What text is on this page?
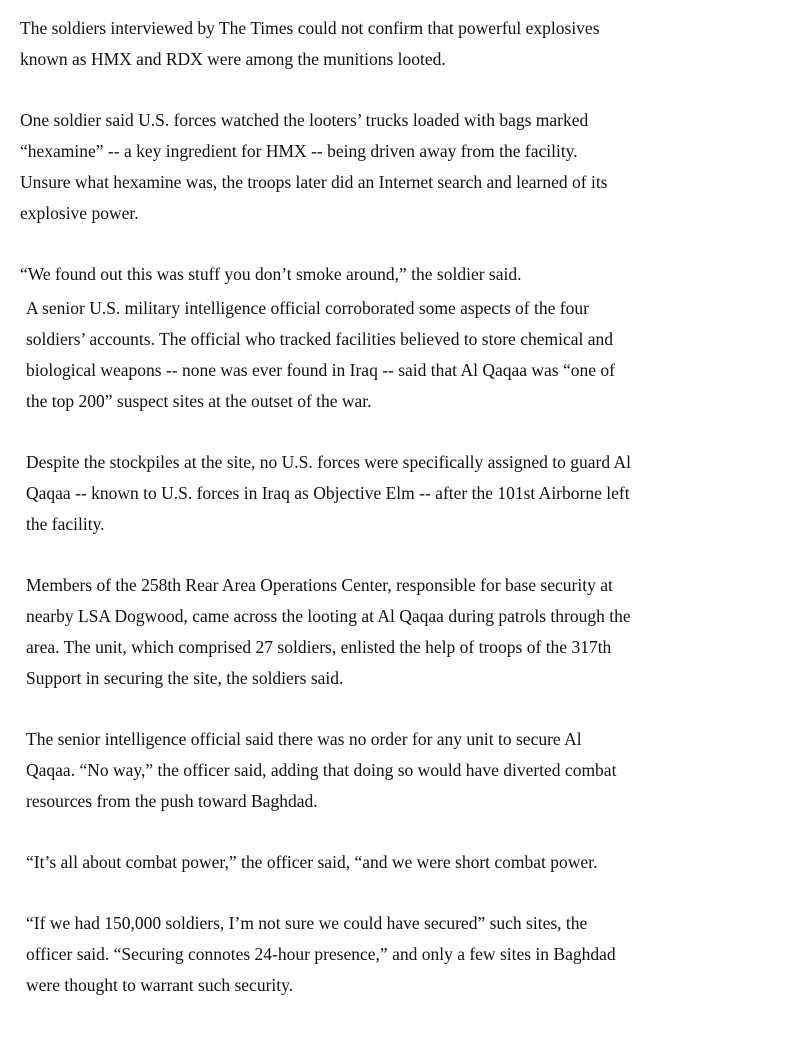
The soldiers interviewed by The Times could not confirm that powerful explosives
known as HMX and RDX were among the munitions looted.

One soldier said U.S. forces watched the looters’ trucks loaded with bags marked
“hexamine” -- a key ingredient for HMX -- being driven away from the facility.
Unsure what hexamine was, the troops later did an Internet search and learned of its
explosive power.

“We found out this was stuff you don’t smoke around,” the soldier said.

A senior U.S. military intelligence official corroborated some aspects of the four
soldiers’ accounts. The official who tracked facilities believed to store chemical and
biological weapons -- none was ever found in Iraq -- said that Al Qaqaa was “one of
the top 200” suspect sites at the outset of the war.

Despite the stockpiles at the site, no U.S. forces were specifically assigned to guard Al
Qaqaa -- known to U.S. forces in Iraq as Objective Elm -- after the 101st Airborne left
the facility.

Members of the 258th Rear Area Operations Center, responsible for base security at
nearby LSA Dogwood, came across the looting at Al Qaqaa during patrols through the
area. The unit, which comprised 27 soldiers, enlisted the help of troops of the 317th
Support in securing the site, the soldiers said.

The senior intelligence official said there was no order for any unit to secure Al
Qaqaa. “No way,” the officer said, adding that doing so would have diverted combat
resources from the push toward Baghdad.

“It’s all about combat power,” the officer said, “and we were short combat power.

“If we had 150,000 soldiers, I’m not sure we could have secured” such sites, the
officer said. “Securing connotes 24-hour presence,” and only a few sites in Baghdad
were thought to warrant such security.
